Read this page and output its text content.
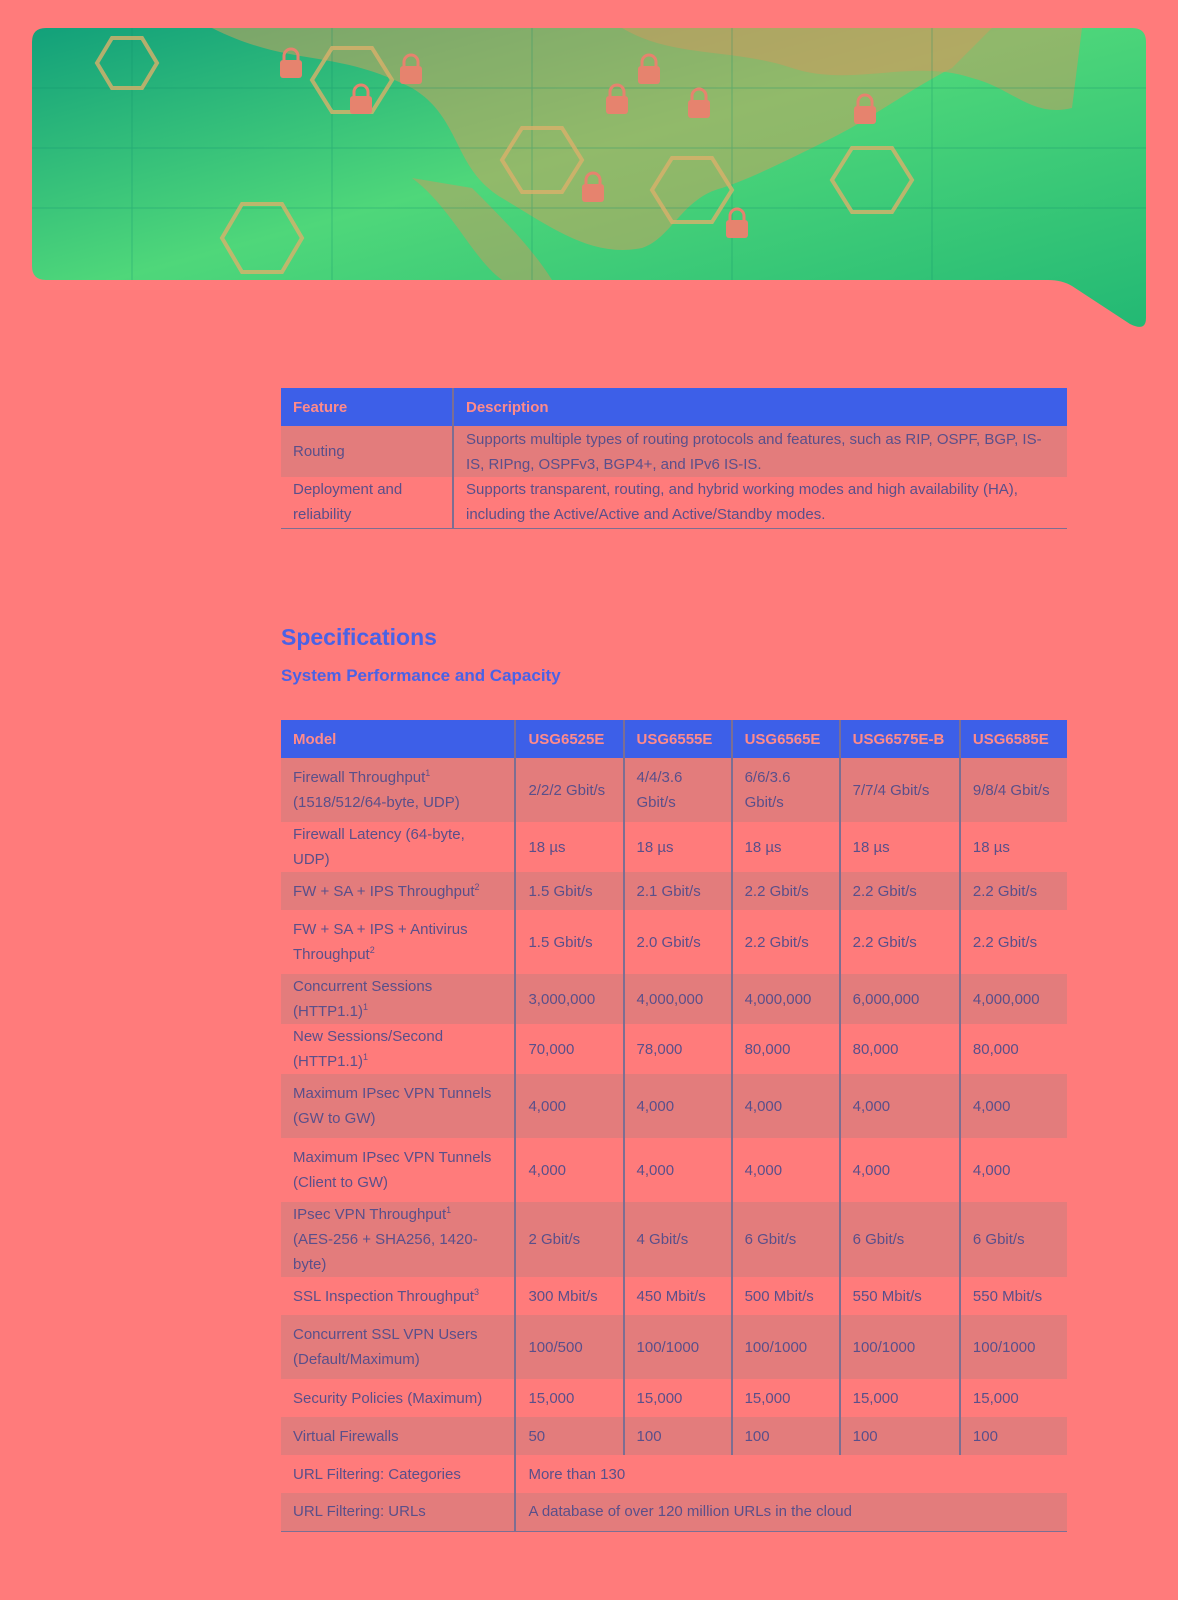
Feature	Description
Routing	Supports multiple types of routing protocols and features, such as RIP, OSPF, BGP, IS-IS, RIPng, OSPFv3, BGP4+, and IPv6 IS-IS.
Deployment and reliability	Supports transparent, routing, and hybrid working modes and high availability (HA), including the Active/Active and Active/Standby modes.
Specifications
System Performance and Capacity
Model	USG6525E	USG6555E	USG6565E	USG6575E-B	USG6585E
Firewall Throughput$^1$
(1518/512/64-byte, UDP)	2/2/2 Gbit/s	4/4/3.6 Gbit/s	6/6/3.6 Gbit/s	7/7/4 Gbit/s	9/8/4 Gbit/s
Firewall Latency (64-byte, UDP)	18 µs	18 µs	18 µs	18 µs	18 µs
FW + SA + IPS Throughput$^2$	1.5 Gbit/s	2.1 Gbit/s	2.2 Gbit/s	2.2 Gbit/s	2.2 Gbit/s
FW + SA + IPS + Antivirus
Throughput$^2$	1.5 Gbit/s	2.0 Gbit/s	2.2 Gbit/s	2.2 Gbit/s	2.2 Gbit/s
Concurrent Sessions (HTTP1.1)$^1$	3,000,000	4,000,000	4,000,000	6,000,000	4,000,000
New Sessions/Second (HTTP1.1)$^1$	70,000	78,000	80,000	80,000	80,000
Maximum IPsec VPN Tunnels
(GW to GW)	4,000	4,000	4,000	4,000	4,000
Maximum IPsec VPN Tunnels
(Client to GW)	4,000	4,000	4,000	4,000	4,000
IPsec VPN Throughput$^1$
(AES-256 + SHA256, 1420-byte)	2 Gbit/s	4 Gbit/s	6 Gbit/s	6 Gbit/s	6 Gbit/s
SSL Inspection Throughput$^3$	300 Mbit/s	450 Mbit/s	500 Mbit/s	550 Mbit/s	550 Mbit/s
Concurrent SSL VPN Users
(Default/Maximum)	100/500	100/1000	100/1000	100/1000	100/1000
Security Policies (Maximum)	15,000	15,000	15,000	15,000	15,000
Virtual Firewalls	50	100	100	100	100
URL Filtering: Categories	More than 130				
URL Filtering: URLs	A database of over 120 million URLs in the cloud				
